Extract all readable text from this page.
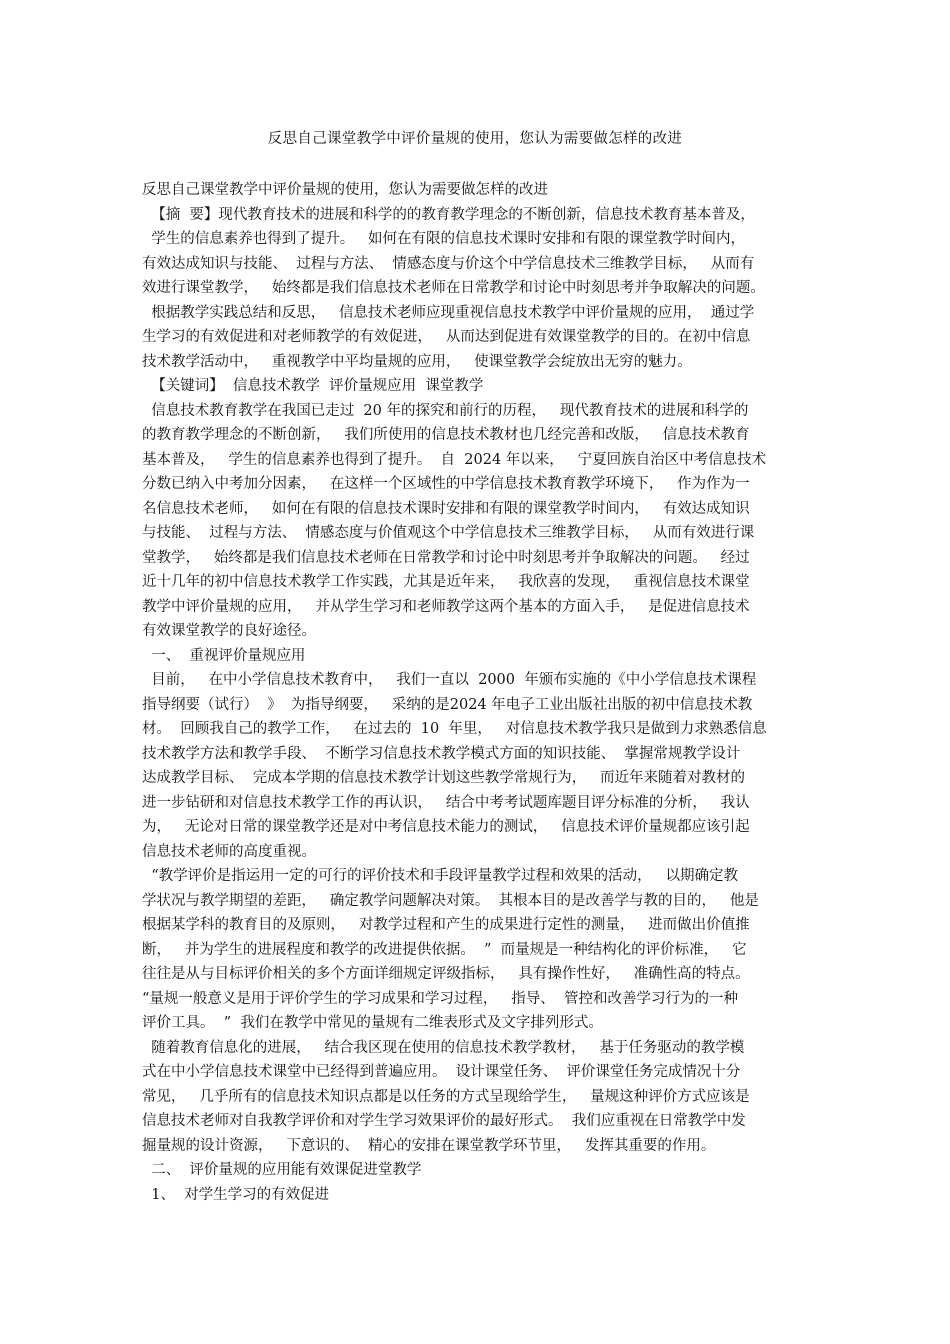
反思自己课堂教学中评价量规的使用，您认为需要做怎样的改进
反思自己课堂教学中评价量规的使用，您认为需要做怎样的改进
【摘  要】现代教育技术的进展和科学的的教育教学理念的不断创新，信息技术教育基本普及，
学生的信息素养也得到了提升。   如何在有限的信息技术课时安排和有限的课堂教学时间内，
有效达成知识与技能、  过程与方法、  情感态度与价这个中学信息技术三维教学目标，   从而有
效进行课堂教学，   始终都是我们信息技术老师在日常教学和讨论中时刻思考并争取解决的问题。
根据教学实践总结和反思，   信息技术老师应现重视信息技术教学中评价量规的应用，  通过学
生学习的有效促进和对老师教学的有效促进，   从而达到促进有效课堂教学的目的。在初中信息
技术教学活动中，   重视教学中平均量规的应用，   使课堂教学会绽放出无穷的魅力。
【关键词】  信息技术教学  评价量规应用  课堂教学
信息技术教育教学在我国已走过  20 年的探究和前行的历程，   现代教育技术的进展和科学的
的教育教学理念的不断创新，   我们所使用的信息技术教材也几经完善和改版，   信息技术教育
基本普及，   学生的信息素养也得到了提升。  自  2024 年以来，   宁夏回族自治区中考信息技术
分数已纳入中考加分因素，   在这样一个区域性的中学信息技术教育教学环境下，   作为作为一
名信息技术老师，   如何在有限的信息技术课时安排和有限的课堂教学时间内，   有效达成知识
与技能、  过程与方法、  情感态度与价值观这个中学信息技术三维教学目标，   从而有效进行课
堂教学，   始终都是我们信息技术老师在日常教学和讨论中时刻思考并争取解决的问题。   经过
近十几年的初中信息技术教学工作实践，尤其是近年来，   我欣喜的发现，   重视信息技术课堂
教学中评价量规的应用，   并从学生学习和老师教学这两个基本的方面入手，   是促进信息技术
有效课堂教学的良好途径。
一、  重视评价量规应用
目前，   在中小学信息技术教育中，   我们一直以  2000  年颁布实施的《中小学信息技术课程
指导纲要（试行）  》  为指导纲要，   采纳的是2024 年电子工业出版社出版的初中信息技术教
材。  回顾我自己的教学工作，   在过去的  10  年里，   对信息技术教学我只是做到力求熟悉信息
技术教学方法和教学手段、  不断学习信息技术教学模式方面的知识技能、  掌握常规教学设计
达成教学目标、  完成本学期的信息技术教学计划这些教学常规行为，   而近年来随着对教材的
进一步钻研和对信息技术教学工作的再认识，   结合中考考试题库题目评分标准的分析，   我认
为，   无论对日常的课堂教学还是对中考信息技术能力的测试，   信息技术评价量规都应该引起
信息技术老师的高度重视。
“教学评价是指运用一定的可行的评价技术和手段评量教学过程和效果的活动，   以期确定教
学状况与教学期望的差距，   确定教学问题解决对策。  其根本目的是改善学与教的目的，   他是
根据某学科的教育目的及原则，   对教学过程和产生的成果进行定性的测量，   进而做出价值推
断，   并为学生的进展程度和教学的改进提供依据。  ”  而量规是一种结构化的评价标准，   它
往往是从与目标评价相关的多个方面详细规定评级指标，   具有操作性好，   准确性高的特点。
“量规一般意义是用于评价学生的学习成果和学习过程，   指导、  管控和改善学习行为的一种
评价工具。  ”  我们在教学中常见的量规有二维表形式及文字排列形式。
随着教育信息化的进展，   结合我区现在使用的信息技术教学教材，   基于任务驱动的教学模
式在中小学信息技术课堂中已经得到普遍应用。  设计课堂任务、  评价课堂任务完成情况十分
常见，   几乎所有的信息技术知识点都是以任务的方式呈现给学生，   量规这种评价方式应该是
信息技术老师对自我教学评价和对学生学习效果评价的最好形式。  我们应重视在日常教学中发
掘量规的设计资源，   下意识的、  精心的安排在课堂教学环节里，   发挥其重要的作用。
二、  评价量规的应用能有效课促进堂教学
1、  对学生学习的有效促进
